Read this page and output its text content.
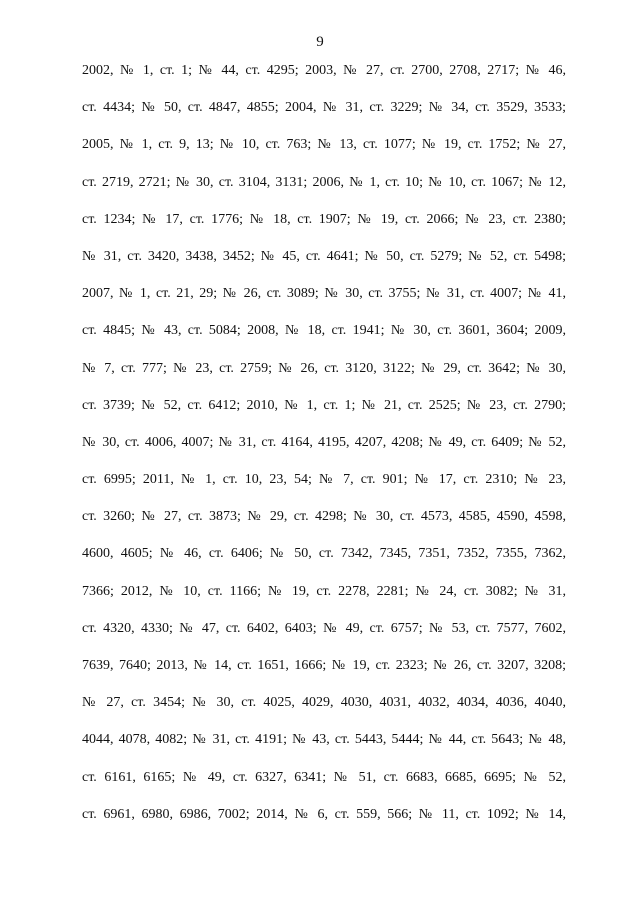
9
2002, № 1, ст. 1; № 44, ст. 4295; 2003, № 27, ст. 2700, 2708, 2717; № 46,
ст. 4434; № 50, ст. 4847, 4855; 2004, № 31, ст. 3229; № 34, ст. 3529, 3533;
2005, № 1, ст. 9, 13; № 10, ст. 763; № 13, ст. 1077; № 19, ст. 1752; № 27,
ст. 2719, 2721; № 30, ст. 3104, 3131; 2006, № 1, ст. 10; № 10, ст. 1067; № 12,
ст. 1234; № 17, ст. 1776; № 18, ст. 1907; № 19, ст. 2066; № 23, ст. 2380;
№ 31, ст. 3420, 3438, 3452; № 45, ст. 4641; № 50, ст. 5279; № 52, ст. 5498;
2007, № 1, ст. 21, 29; № 26, ст. 3089; № 30, ст. 3755; № 31, ст. 4007; № 41,
ст. 4845; № 43, ст. 5084; 2008, № 18, ст. 1941; № 30, ст. 3601, 3604; 2009,
№ 7, ст. 777; № 23, ст. 2759; № 26, ст. 3120, 3122; № 29, ст. 3642; № 30,
ст. 3739; № 52, ст. 6412; 2010, № 1, ст. 1; № 21, ст. 2525; № 23, ст. 2790;
№ 30, ст. 4006, 4007; № 31, ст. 4164, 4195, 4207, 4208; № 49, ст. 6409; № 52,
ст. 6995; 2011, № 1, ст. 10, 23, 54; № 7, ст. 901; № 17, ст. 2310; № 23,
ст. 3260; № 27, ст. 3873; № 29, ст. 4298; № 30, ст. 4573, 4585, 4590, 4598,
4600, 4605; № 46, ст. 6406; № 50, ст. 7342, 7345, 7351, 7352, 7355, 7362,
7366; 2012, № 10, ст. 1166; № 19, ст. 2278, 2281; № 24, ст. 3082; № 31,
ст. 4320, 4330; № 47, ст. 6402, 6403; № 49, ст. 6757; № 53, ст. 7577, 7602,
7639, 7640; 2013, № 14, ст. 1651, 1666; № 19, ст. 2323; № 26, ст. 3207, 3208;
№ 27, ст. 3454; № 30, ст. 4025, 4029, 4030, 4031, 4032, 4034, 4036, 4040,
4044, 4078, 4082; № 31, ст. 4191; № 43, ст. 5443, 5444; № 44, ст. 5643; № 48,
ст. 6161, 6165; № 49, ст. 6327, 6341; № 51, ст. 6683, 6685, 6695; № 52,
ст. 6961, 6980, 6986, 7002; 2014, № 6, ст. 559, 566; № 11, ст. 1092; № 14,
